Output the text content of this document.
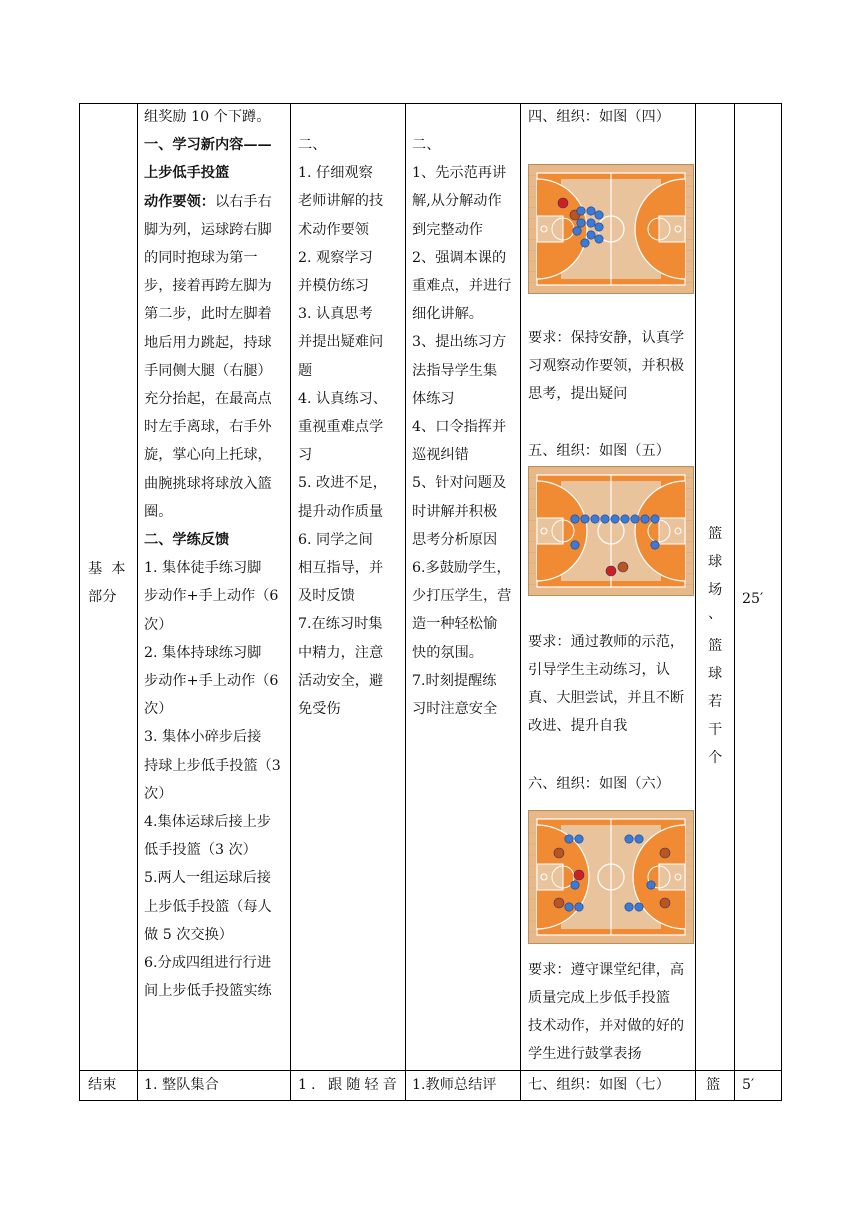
基  本
部分
结束
组奖励 10 个下蹲。
一、学习新内容——
上步低手投篮
动作要领：以右手右
脚为列，运球跨右脚
的同时抱球为第一
步，接着再跨左脚为
第二步，此时左脚着
地后用力跳起，持球
手同侧大腿（右腿）
充分抬起，在最高点
时左手离球，右手外
旋，掌心向上托球，
曲腕挑球将球放入篮
圈。
二、学练反馈
1. 集体徒手练习脚
步动作+手上动作（6
次）
2. 集体持球练习脚
步动作+手上动作（6
次）
3. 集体小碎步后接
持球上步低手投篮（3
次）
4.集体运球后接上步
低手投篮（3 次）
5.两人一组运球后接
上步低手投篮（每人
做 5 次交换）
6.分成四组进行行进
间上步低手投篮实练
1. 整队集合
二、
1. 仔细观察
老师讲解的技
术动作要领
2. 观察学习
并模仿练习
3. 认真思考
并提出疑难问
题
4. 认真练习、
重视重难点学
习
5. 改进不足，
提升动作质量
6. 同学之间
相互指导，并
及时反馈
7.在练习时集
中精力，注意
活动安全，避
免受伤
1. 跟随轻音
二、
1、先示范再讲
解,从分解动作
到完整动作
2、强调本课的
重难点，并进行
细化讲解。
3、提出练习方
法指导学生集
体练习
4、口令指挥并
巡视纠错
5、针对问题及
时讲解并积极
思考分析原因
6.多鼓励学生，
少打压学生，营
造一种轻松愉
快的氛围。
7.时刻提醒练
习时注意安全
1.教师总结评
四、组织：如图（四）
要求：保持安静，认真学
习观察动作要领，并积极
思考，提出疑问
五、组织：如图（五）
要求：通过教师的示范，
引导学生主动练习，认
真、大胆尝试，并且不断
改进、提升自我
六、组织：如图（六）
要求：遵守课堂纪律，高
质量完成上步低手投篮
技术动作，并对做的好的
学生进行鼓掌表扬
七、组织：如图（七）
篮
球
场
、
篮
球
若
干
个
篮
25′
5′
